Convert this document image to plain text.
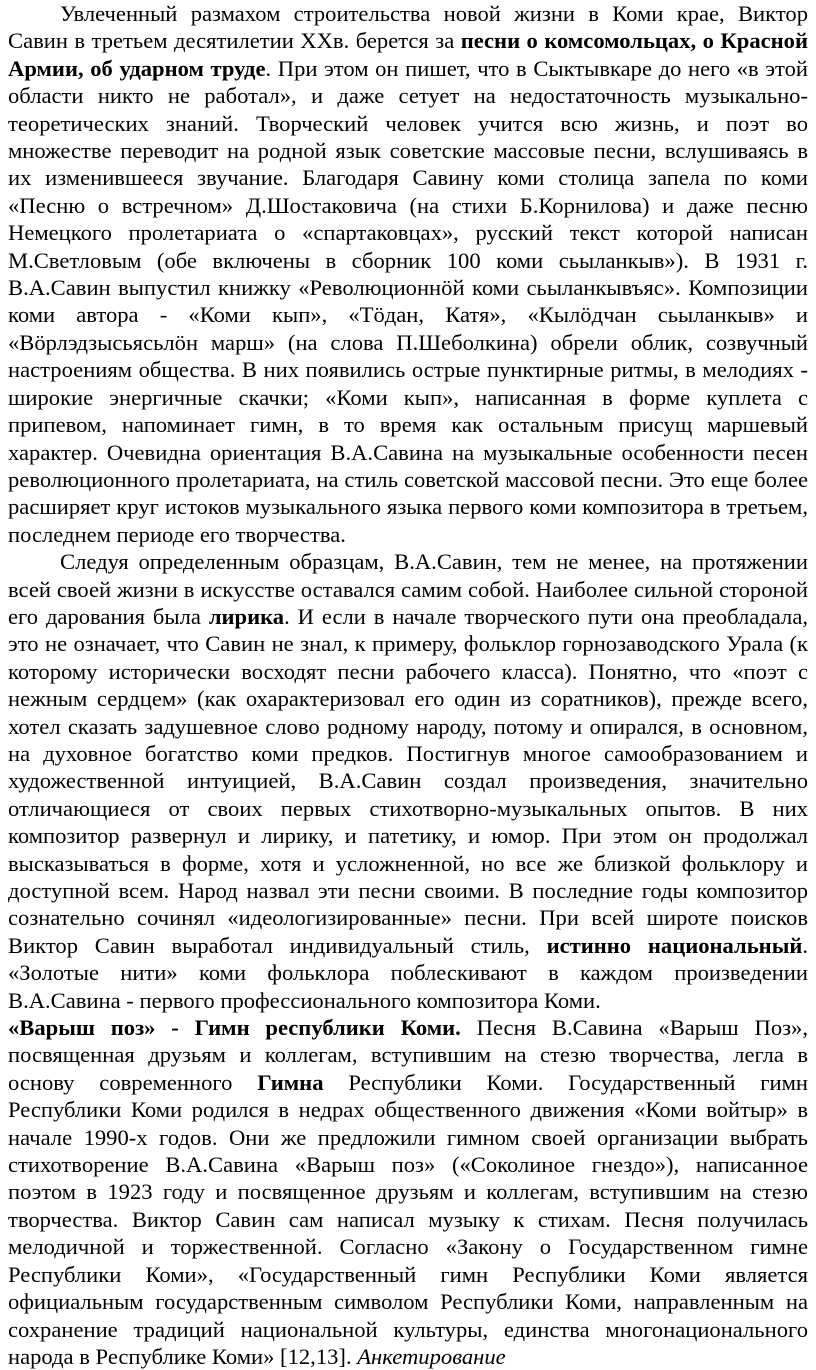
Увлеченный размахом строительства новой жизни в Коми крае, Виктор Савин в третьем десятилетии ХХв. берется за песни о комсомольцах, о Красной Армии, об ударном труде. При этом он пишет, что в Сыктывкаре до него «в этой области никто не работал», и даже сетует на недостаточность музыкально-теоретических знаний. Творческий человек учится всю жизнь, и поэт во множестве переводит на родной язык советские массовые песни, вслушиваясь в их изменившееся звучание. Благодаря Савину коми столица запела по коми «Песню о встречном» Д.Шостаковича (на стихи Б.Корнилова) и даже песню Немецкого пролетариата о «спартаковцах», русский текст которой написан М.Светловым (обе включены в сборник 100 коми сьыланкыв»). В 1931 г. В.А.Савин выпустил книжку «Революционнӧй коми сьыланкывъяс». Композиции коми автора - «Коми кып», «Тӧдан, Катя», «Кылӧдчан сьыланкыв» и «Вӧрлэдзысьясьлӧн марш» (на слова П.Шеболкина) обрели облик, созвучный настроениям общества. В них появились острые пунктирные ритмы, в мелодиях - широкие энергичные скачки; «Коми кып», написанная в форме куплета с припевом, напоминает гимн, в то время как остальным присущ маршевый характер. Очевидна ориентация В.А.Савина на музыкальные особенности песен революционного пролетариата, на стиль советской массовой песни. Это еще более расширяет круг истоков музыкального языка первого коми композитора в третьем, последнем периоде его творчества.

Следуя определенным образцам, В.А.Савин, тем не менее, на протяжении всей своей жизни в искусстве оставался самим собой. Наиболее сильной стороной его дарования была лирика. И если в начале творческого пути она преобладала, это не означает, что Савин не знал, к примеру, фольклор горнозаводского Урала (к которому исторически восходят песни рабочего класса). Понятно, что «поэт с нежным сердцем» (как охарактеризовал его один из соратников), прежде всего, хотел сказать задушевное слово родному народу, потому и опирался, в основном, на духовное богатство коми предков. Постигнув многое самообразованием и художественной интуицией, В.А.Савин создал произведения, значительно отличающиеся от своих первых стихотворно-музыкальных опытов. В них композитор развернул и лирику, и патетику, и юмор. При этом он продолжал высказываться в форме, хотя и усложненной, но все же близкой фольклору и доступной всем. Народ назвал эти песни своими. В последние годы композитор сознательно сочинял «идеологизированные» песни. При всей широте поисков Виктор Савин выработал индивидуальный стиль, истинно национальный. «Золотые нити» коми фольклора поблескивают в каждом произведении В.А.Савина - первого профессионального композитора Коми.

«Варыш поз» - Гимн республики Коми. Песня В.Савина «Варыш Поз», посвященная друзьям и коллегам, вступившим на стезю творчества, легла в основу современного Гимна Республики Коми. Государственный гимн Республики Коми родился в недрах общественного движения «Коми войтыр» в начале 1990-х годов. Они же предложили гимном своей организации выбрать стихотворение В.А.Савина «Варыш поз» («Соколиное гнездо»), написанное поэтом в 1923 году и посвященное друзьям и коллегам, вступившим на стезю творчества. Виктор Савин сам написал музыку к стихам. Песня получилась мелодичной и торжественной. Согласно «Закону о Государственном гимне Республики Коми», «Государственный гимн Республики Коми является официальным государственным символом Республики Коми, направленным на сохранение традиций национальной культуры, единства многонационального народа в Республике Коми» [12,13]. Анкетирование
